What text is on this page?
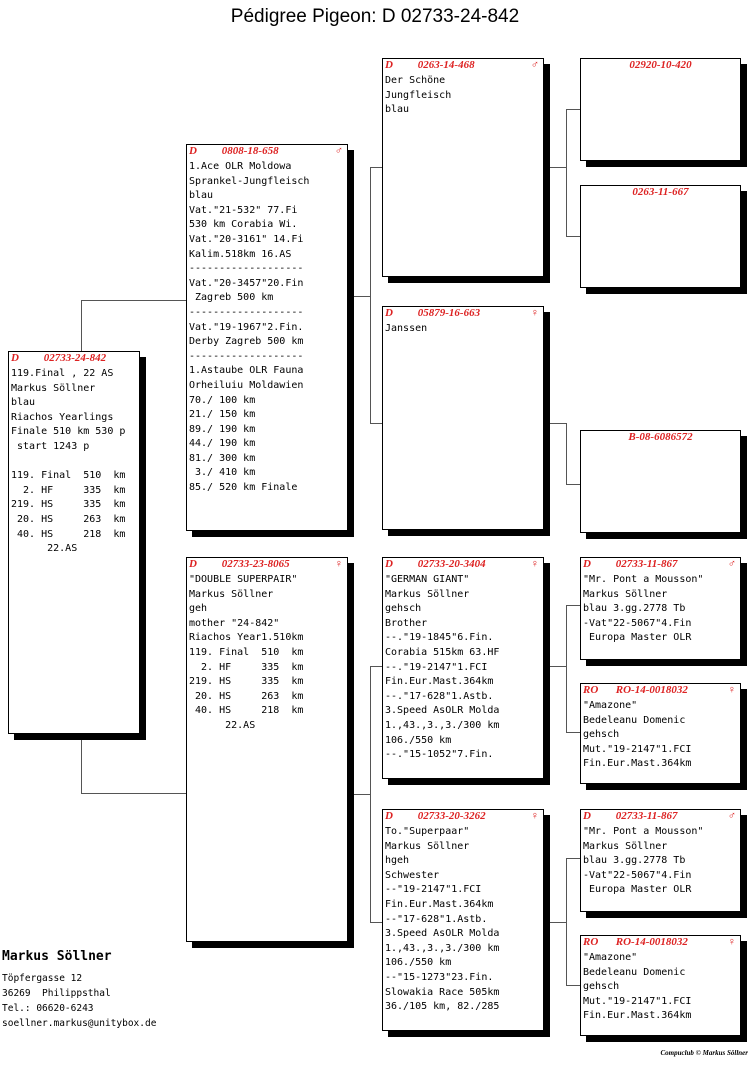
Pédigree Pigeon: D 02733-24-842
D 02733-24-842
119.Final , 22 AS
Markus Söllner
blau
Riachos Yearlings
Finale 510 km 530 p
start 1243 p
119. Final  510  km
2. HF     335  km
219. HS     335  km
20. HS     263  km
40. HS     218  km
22.AS
D 0808-18-658	♂
1.Ace OLR Moldowa
Sprankel-Jungfleisch
blau
Vat."21-532" 77.Fi
530 km Corabia Wi.
Vat."20-3161" 14.Fi
Kalim.518km 16.AS
-------------------
Vat."20-3457"20.Fin
Zagreb 500 km
-------------------
Vat."19-1967"2.Fin.
Derby Zagreb 500 km
-------------------
1.Astaube OLR Fauna
Orheiluiu Moldawien
70./ 100 km
21./ 150 km
89./ 190 km
44./ 190 km
81./ 300 km
3./ 410 km
85./ 520 km Finale
D 02733-23-8065	♀
"DOUBLE SUPERPAIR"
Markus Söllner
geh
mother "24-842"
Riachos Year1.510km
119. Final  510  km
2. HF     335  km
219. HS     335  km
20. HS     263  km
40. HS     218  km
22.AS
D 0263-14-468	♂
Der Schöne
Jungfleisch
blau
D 05879-16-663	♀
Janssen
D 02733-20-3404	♀
"GERMAN GIANT"
Markus Söllner
gehsch
Brother
--."19-1845"6.Fin.
Corabia 515km 63.HF
--."19-2147"1.FCI
Fin.Eur.Mast.364km
--."17-628"1.Astb.
3.Speed AsOLR Molda
1.,43.,3.,3./300 km
106./550 km
--."15-1052"7.Fin.
D 02733-20-3262	♀
To."Superpaar"
Markus Söllner
hgeh
Schwester
--"19-2147"1.FCI
Fin.Eur.Mast.364km
--"17-628"1.Astb.
3.Speed AsOLR Molda
1.,43.,3.,3./300 km
106./550 km
--"15-1273"23.Fin.
Slowakia Race 505km
36./105 km, 82./285
02920-10-420
0263-11-667
B-08-6086572
D 02733-11-867	♂
"Mr. Pont a Mousson"
Markus Söllner
blau 3.gg.2778 Tb
-Vat"22-5067"4.Fin
Europa Master OLR
RO RO-14-0018032	♀
"Amazone"
Bedeleanu Domenic
gehsch
Mut."19-2147"1.FCI
Fin.Eur.Mast.364km
D 02733-11-867	♂
"Mr. Pont a Mousson"
Markus Söllner
blau 3.gg.2778 Tb
-Vat"22-5067"4.Fin
Europa Master OLR
RO RO-14-0018032	♀
"Amazone"
Bedeleanu Domenic
gehsch
Mut."19-2147"1.FCI
Fin.Eur.Mast.364km
Markus Söllner
Töpfergasse 12
36269  Philippsthal
Tel.: 06620-6243
soellner.markus@unitybox.de
Compuclub © Markus Söllner
